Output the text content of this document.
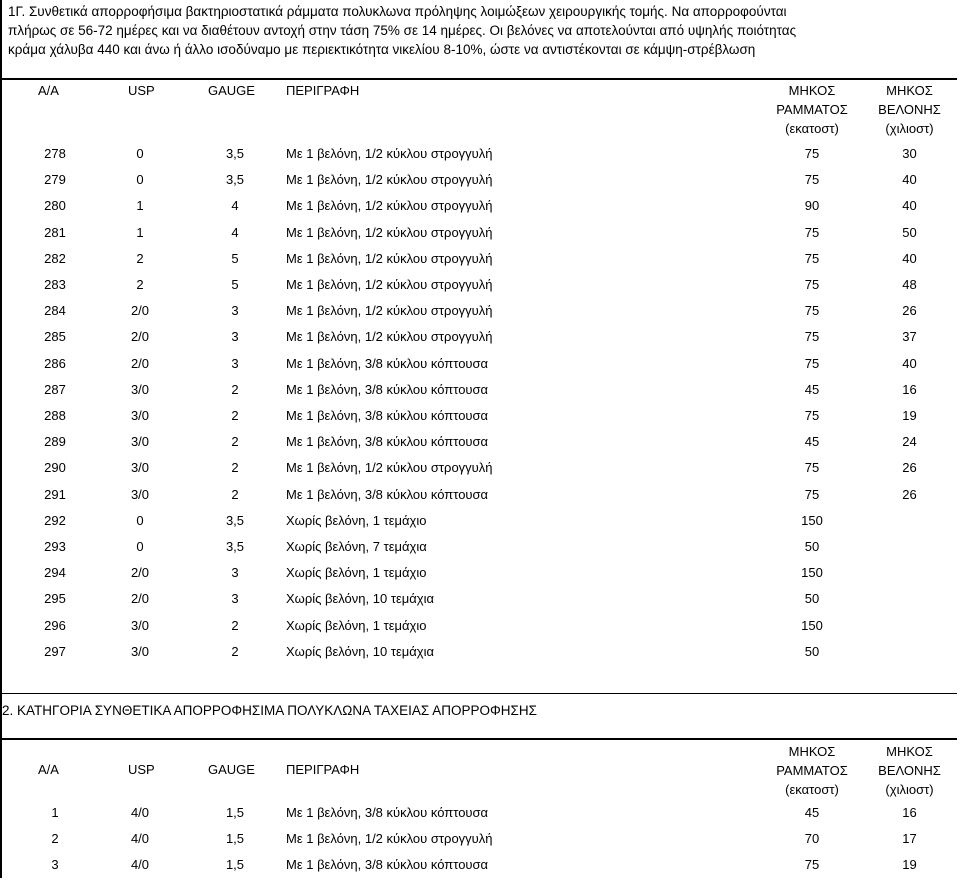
1Γ. Συνθετικά απορροφήσιμα βακτηριοστατικά ράμματα πολυκλωνα πρόληψης λοιμώξεων χειρουργικής τομής. Να απορροφούνται
πλήρως σε 56-72 ημέρες και να διαθέτουν αντοχή στην τάση 75% σε 14 ημέρες. Οι βελόνες να αποτελούνται από υψηλής ποιότητας
κράμα χάλυβα 440 και άνω ή άλλο ισοδύναμο με περιεκτικότητα νικελίου 8-10%, ώστε να αντιστέκονται σε κάμψη-στρέβλωση
Α/Α	USP	GAUGE ΠΕΡΙΓΡΑΦΗ	ΜΗΚΟΣ
ΡΑΜΜΑΤΟΣ
(εκατοστ)
ΜΗΚΟΣ
ΒΕΛΟΝΗΣ
(χιλιοστ)
278	0	3,5	Με 1 βελόνη, 1/2 κύκλου στρογγυλή	75	30
279	0	3,5	Με 1 βελόνη, 1/2 κύκλου στρογγυλή	75	40
280	1	4	Με 1 βελόνη, 1/2 κύκλου στρογγυλή	90	40
281	1	4	Με 1 βελόνη, 1/2 κύκλου στρογγυλή	75	50
282	2	5	Με 1 βελόνη, 1/2 κύκλου στρογγυλή	75	40
283	2	5	Με 1 βελόνη, 1/2 κύκλου στρογγυλή	75	48
284	2/0	3	Με 1 βελόνη, 1/2 κύκλου στρογγυλή	75	26
285	2/0	3	Με 1 βελόνη, 1/2 κύκλου στρογγυλή	75	37
286	2/0	3	Με 1 βελόνη, 3/8 κύκλου κόπτουσα	75	40
287	3/0	2	Με 1 βελόνη, 3/8 κύκλου κόπτουσα	45	16
288	3/0	2	Με 1 βελόνη, 3/8 κύκλου κόπτουσα	75	19
289	3/0	2	Με 1 βελόνη, 3/8 κύκλου κόπτουσα	45	24
290	3/0	2	Με 1 βελόνη, 1/2 κύκλου στρογγυλή	75	26
291	3/0	2	Με 1 βελόνη, 3/8 κύκλου κόπτουσα	75	26
292	0	3,5	Χωρίς βελόνη, 1 τεμάχιο	150
293	0	3,5	Χωρίς βελόνη, 7 τεμάχια	50
294	2/0	3	Χωρίς βελόνη, 1 τεμάχιο	150
295	2/0	3	Χωρίς βελόνη, 10 τεμάχια	50
296	3/0	2	Χωρίς βελόνη, 1 τεμάχιο	150
297	3/0	2	Χωρίς βελόνη, 10 τεμάχια	50
2. ΚΑΤΗΓΟΡΙΑ ΣΥΝΘΕΤΙΚΑ ΑΠΟΡΡΟΦΗΣΙΜΑ ΠΟΛΥΚΛΩΝΑ ΤΑΧΕΙΑΣ ΑΠΟΡΡΟΦΗΣΗΣ
Α/Α	USP	GAUGE ΠΕΡΙΓΡΑΦΗ
ΜΗΚΟΣ
ΡΑΜΜΑΤΟΣ
(εκατοστ)
ΜΗΚΟΣ
ΒΕΛΟΝΗΣ
(χιλιοστ)
1	4/0	1,5	Με 1 βελόνη, 3/8 κύκλου κόπτουσα	45	16
2	4/0	1,5	Με 1 βελόνη, 1/2 κύκλου στρογγυλή	70	17
3	4/0	1,5	Με 1 βελόνη, 3/8 κύκλου κόπτουσα	75	19
